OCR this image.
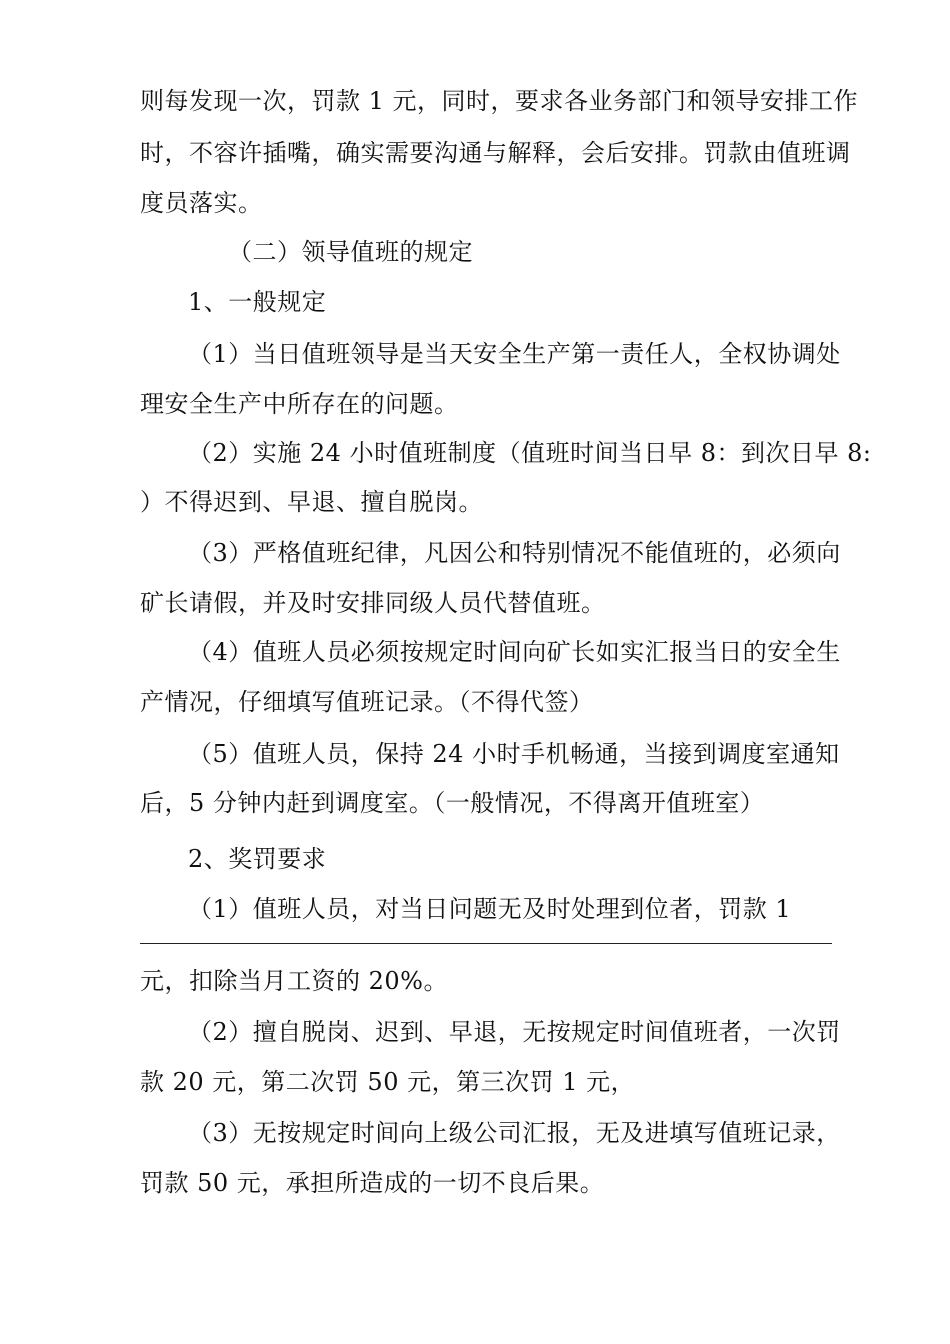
则每发现一次，罚款 1 元，同时，要求各业务部门和领导安排工作
时，不容许插嘴，确实需要沟通与解释，会后安排。罚款由值班调
度员落实。
（二）领导值班的规定
1、一般规定
（1）当日值班领导是当天安全生产第一责任人，全权协调处
理安全生产中所存在的问题。
（2）实施 24 小时值班制度（值班时间当日早 8：到次日早 8:
）不得迟到、早退、擅自脱岗。
（3）严格值班纪律，凡因公和特别情况不能值班的，必须向
矿长请假，并及时安排同级人员代替值班。
（4）值班人员必须按规定时间向矿长如实汇报当日的安全生
产情况，仔细填写值班记录。（不得代签）
（5）值班人员，保持 24 小时手机畅通，当接到调度室通知
后，5 分钟内赶到调度室。（一般情况，不得离开值班室）
2、奖罚要求
（1）值班人员，对当日问题无及时处理到位者，罚款 1
元，扣除当月工资的 20%。
（2）擅自脱岗、迟到、早退，无按规定时间值班者，一次罚
款 20 元，第二次罚 50 元，第三次罚 1 元，
（3）无按规定时间向上级公司汇报，无及进填写值班记录，
罚款 50 元，承担所造成的一切不良后果。
